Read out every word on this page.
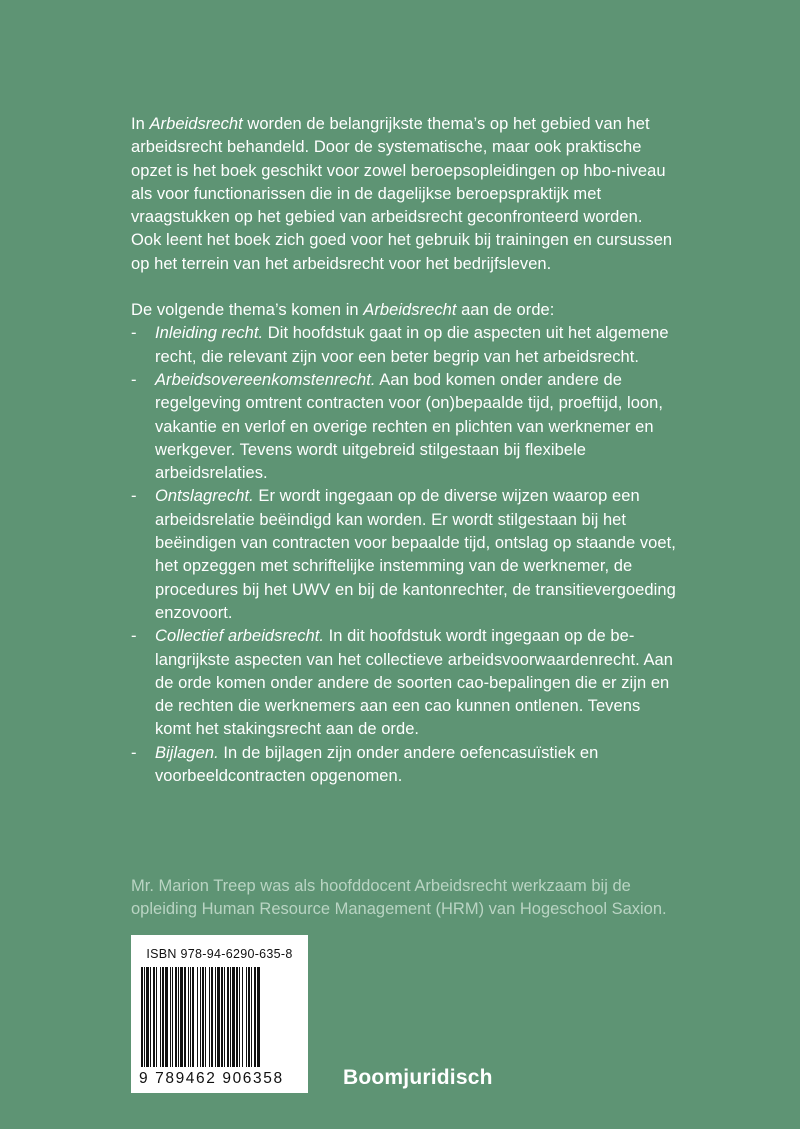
In Arbeidsrecht worden de belangrijkste thema’s op het gebied van het arbeidsrecht behandeld. Door de systematische, maar ook praktische opzet is het boek geschikt voor zowel beroepsopleidingen op hbo-niveau als voor functionarissen die in de dagelijkse beroepspraktijk met vraagstukken op het gebied van arbeidsrecht geconfronteerd worden. Ook leent het boek zich goed voor het gebruik bij trainingen en cursussen op het terrein van het arbeidsrecht voor het bedrijfsleven.

De volgende thema’s komen in Arbeidsrecht aan de orde:

- Inleiding recht. Dit hoofdstuk gaat in op die aspecten uit het algemene recht, die relevant zijn voor een beter begrip van het arbeidsrecht.
- Arbeidsovereenkomstenrecht. Aan bod komen onder andere de regelgeving omtrent contracten voor (on)bepaalde tijd, proeftijd, loon, vakantie en verlof en overige rechten en plichten van werknemer en werkgever. Tevens wordt uitgebreid stilgestaan bij flexibele arbeidsrelaties.
- Ontslagrecht. Er wordt ingegaan op de diverse wijzen waarop een arbeidsrelatie beëindigd kan worden. Er wordt stilgestaan bij het beëindigen van contracten voor bepaalde tijd, ontslag op staande voet, het opzeggen met schriftelijke instemming van de werknemer, de procedures bij het UWV en bij de kantonrechter, de transitievergoeding enzovoort.
- Collectief arbeidsrecht. In dit hoofdstuk wordt ingegaan op de belangrijkste aspecten van het collectieve arbeidsvoorwaardenrecht. Aan de orde komen onder andere de soorten cao-bepalingen die er zijn en de rechten die werknemers aan een cao kunnen ontlenen. Tevens komt het stakingsrecht aan de orde.
- Bijlagen. In de bijlagen zijn onder andere oefencasuïstiek en voorbeeldcontracten opgenomen.

Mr. Marion Treep was als hoofddocent Arbeidsrecht werkzaam bij de opleiding Human Resource Management (HRM) van Hogeschool Saxion.

ISBN 978-94-6290-635-8
9 789462 906358	Boomjuridisch
